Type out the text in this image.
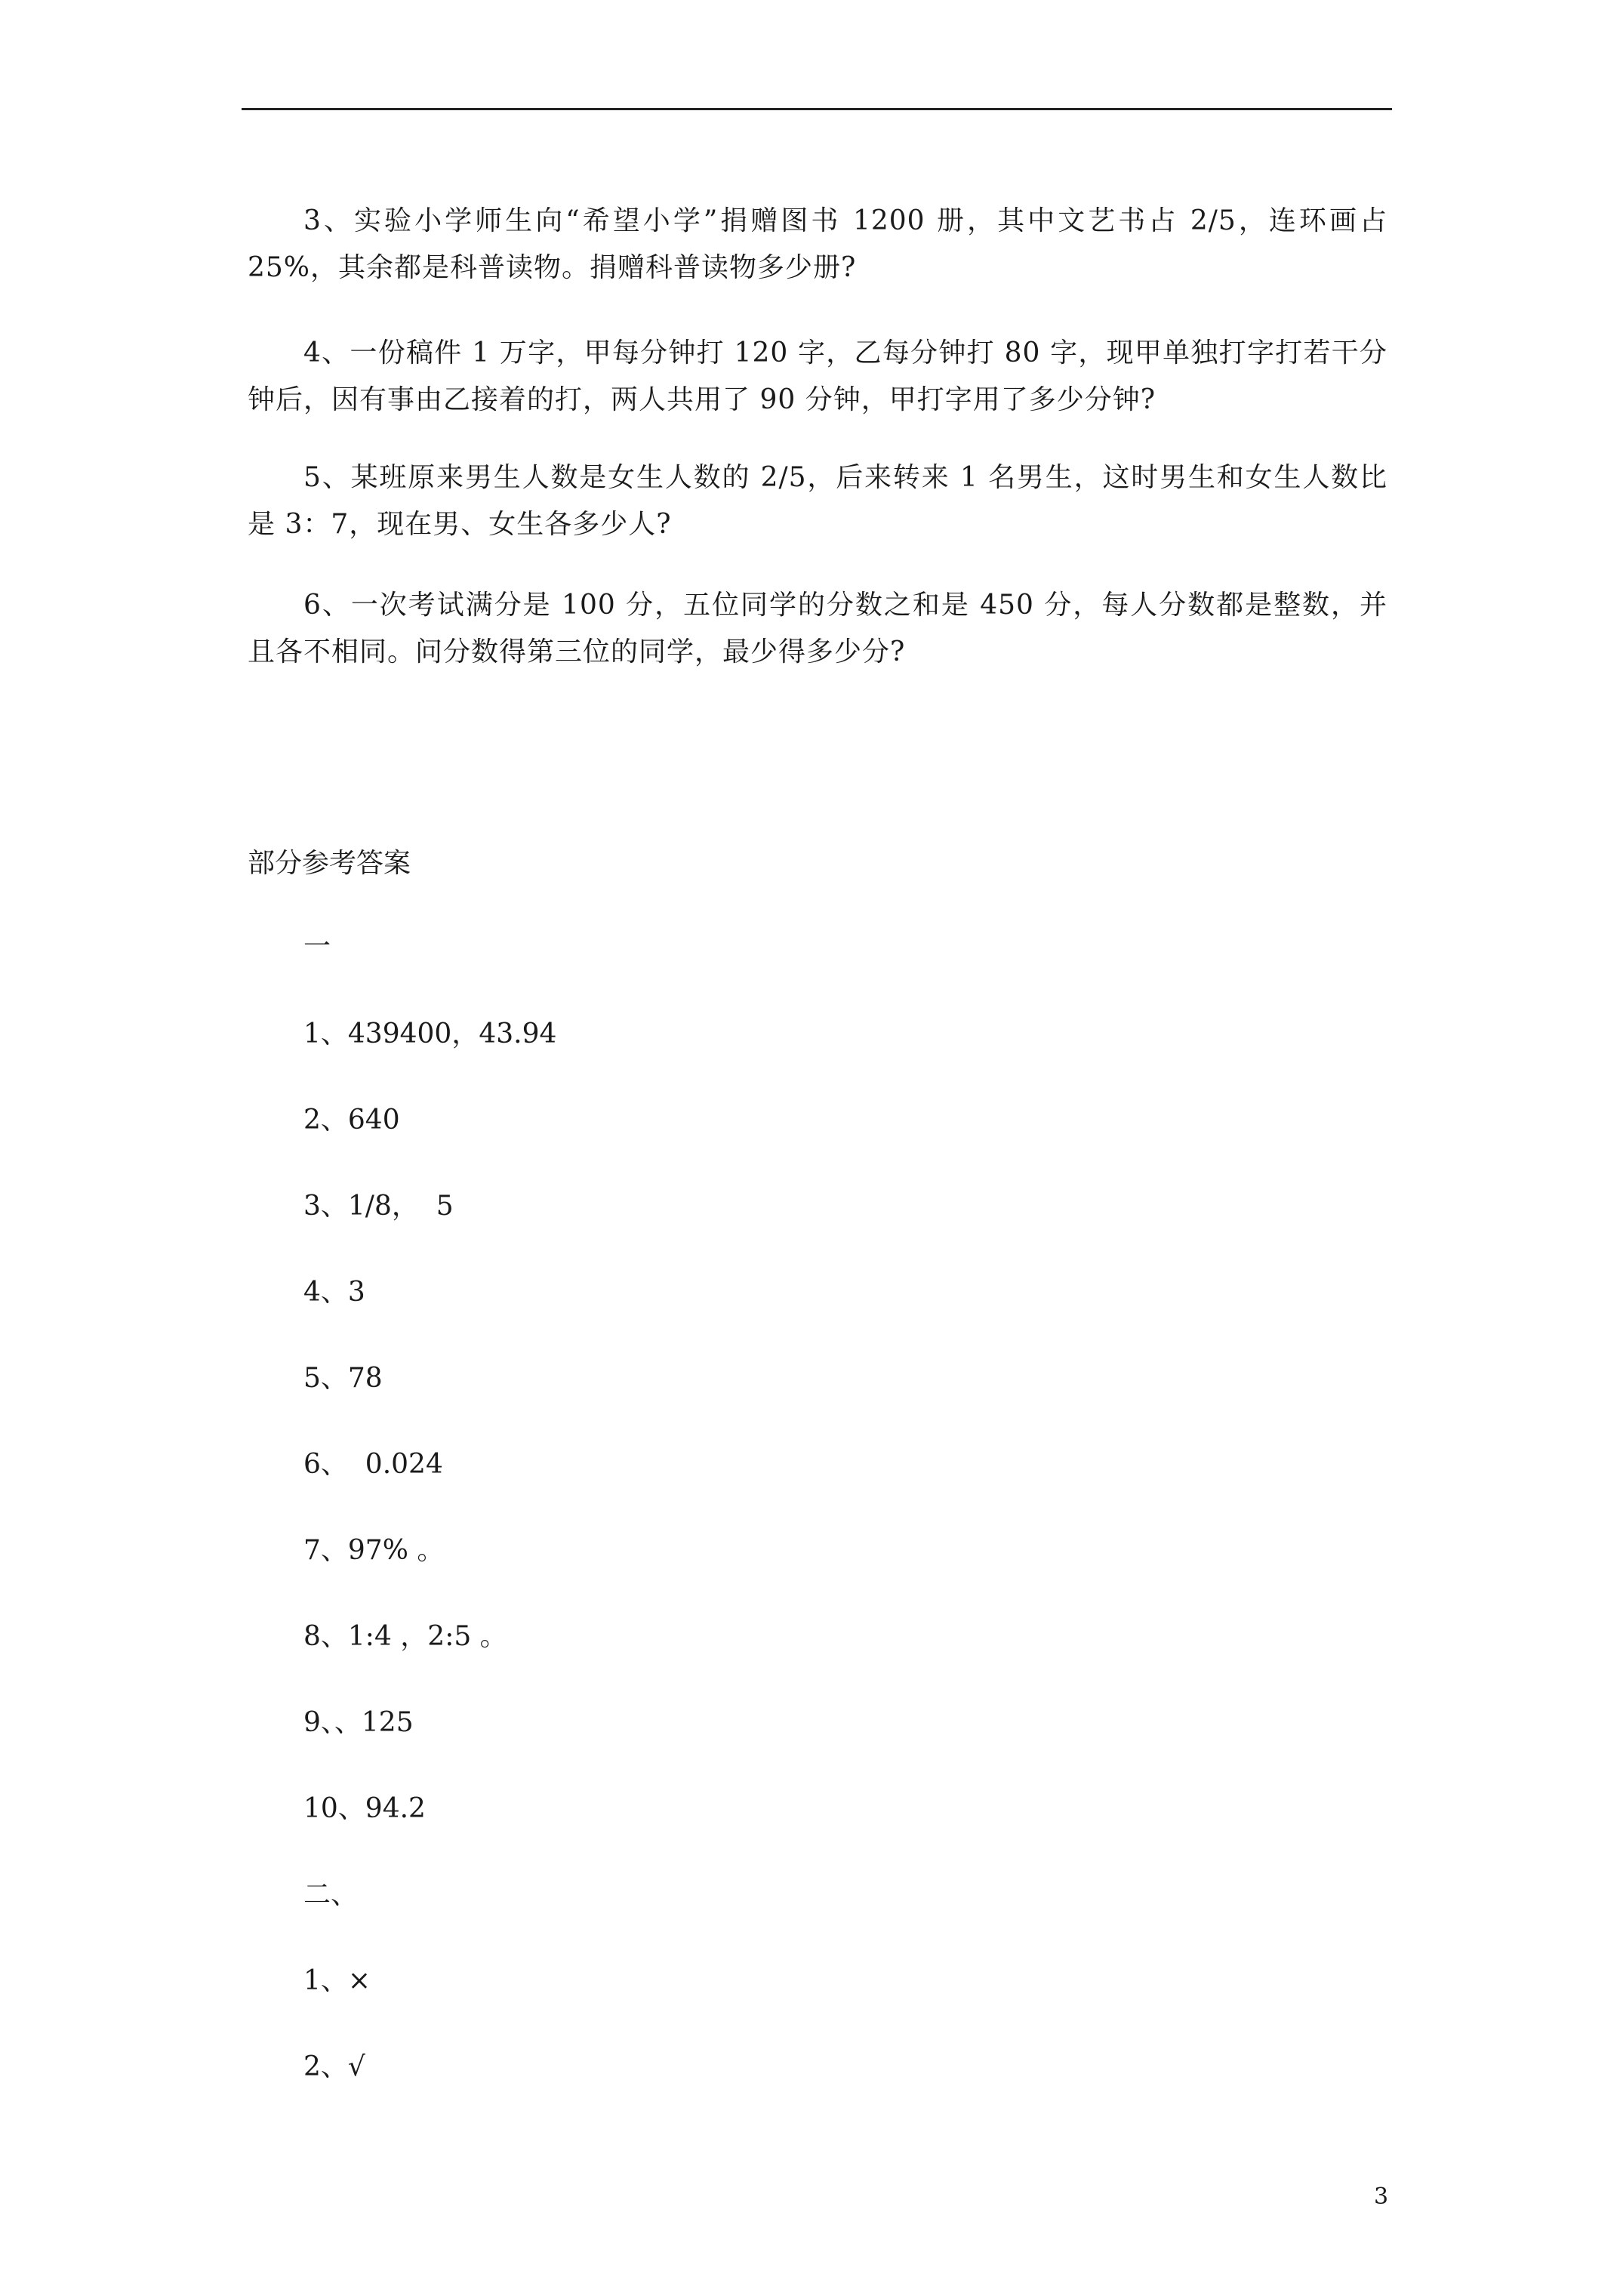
3、实验小学师生向“希望小学”捐赠图书 1200 册，其中文艺书占 2/5，连环画占 25%，其余都是科普读物。捐赠科普读物多少册?

4、一份稿件 1 万字，甲每分钟打 120 字，乙每分钟打 80 字，现甲单独打字打若干分钟后，因有事由乙接着的打，两人共用了 90 分钟，甲打字用了多少分钟?

5、某班原来男生人数是女生人数的 2/5，后来转来 1 名男生，这时男生和女生人数比是 3：7，现在男、女生各多少人?

6、一次考试满分是 100 分，五位同学的分数之和是 450 分，每人分数都是整数，并且各不相同。问分数得第三位的同学，最少得多少分?

部分参考答案

一

1、439400，43.94

2、640

3、1/8，  5

4、3

5、78

6、  0.024

7、97% 。

8、1:4 ，2:5 。

9、、125

10、94.2

二、

1、×

2、√

3
